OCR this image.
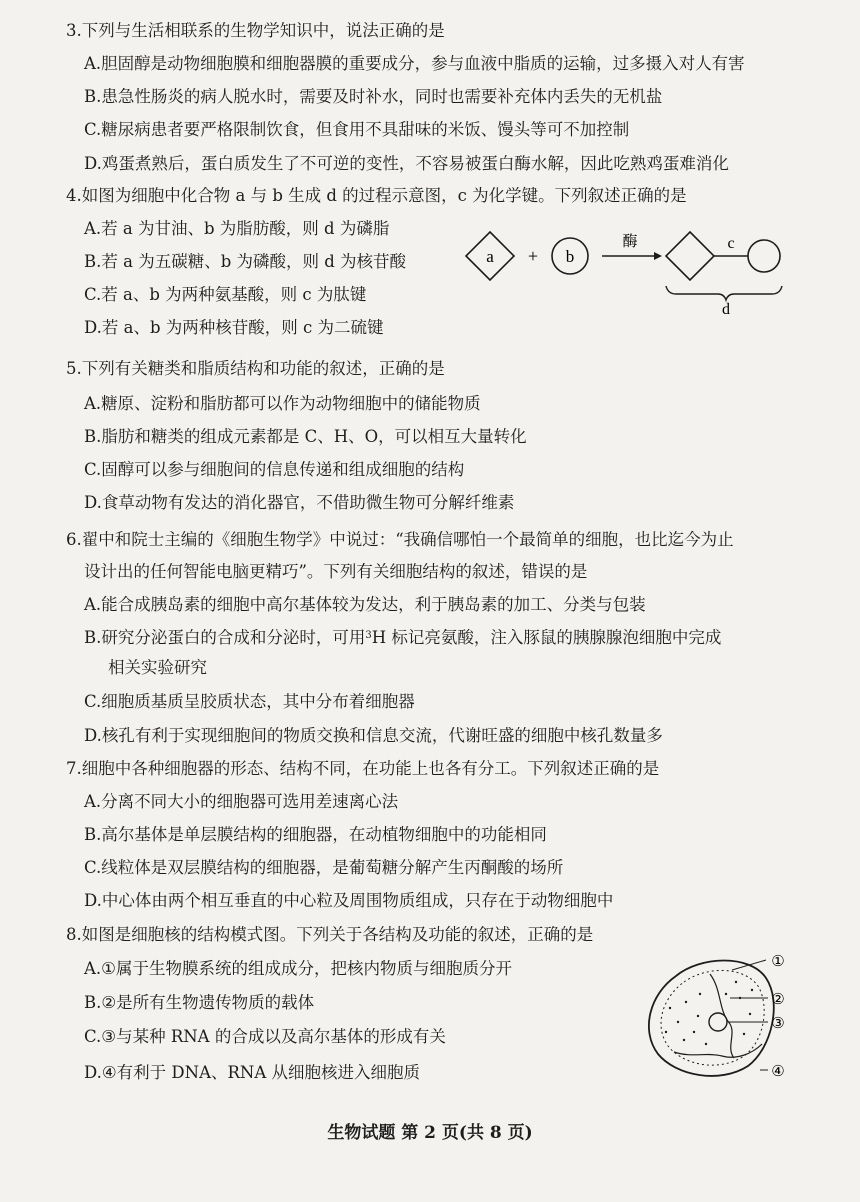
3.下列与生活相联系的生物学知识中，说法正确的是
A.胆固醇是动物细胞膜和细胞器膜的重要成分，参与血液中脂质的运输，过多摄入对人有害
B.患急性肠炎的病人脱水时，需要及时补水，同时也需要补充体内丢失的无机盐
C.糖尿病患者要严格限制饮食，但食用不具甜味的米饭、馒头等可不加控制
D.鸡蛋煮熟后，蛋白质发生了不可逆的变性，不容易被蛋白酶水解，因此吃熟鸡蛋难消化
4.如图为细胞中化合物 a 与 b 生成 d 的过程示意图，c 为化学键。下列叙述正确的是
A.若 a 为甘油、b 为脂肪酸，则 d 为磷脂
B.若 a 为五碳糖、b 为磷酸，则 d 为核苷酸
C.若 a、b 为两种氨基酸，则 c 为肽键
D.若 a、b 为两种核苷酸，则 c 为二硫键
a + b
酶	c
d
5.下列有关糖类和脂质结构和功能的叙述，正确的是
A.糖原、淀粉和脂肪都可以作为动物细胞中的储能物质
B.脂肪和糖类的组成元素都是 C、H、O，可以相互大量转化
C.固醇可以参与细胞间的信息传递和组成细胞的结构
D.食草动物有发达的消化器官，不借助微生物可分解纤维素
6.翟中和院士主编的《细胞生物学》中说过：“我确信哪怕一个最简单的细胞，也比迄今为止
设计出的任何智能电脑更精巧”。下列有关细胞结构的叙述，错误的是
A.能合成胰岛素的细胞中高尔基体较为发达，利于胰岛素的加工、分类与包装
B.研究分泌蛋白的合成和分泌时，可用$^3$H 标记亮氨酸，注入豚鼠的胰腺腺泡细胞中完成
相关实验研究
C.细胞质基质呈胶质状态，其中分布着细胞器
D.核孔有利于实现细胞间的物质交换和信息交流，代谢旺盛的细胞中核孔数量多
7.细胞中各种细胞器的形态、结构不同，在功能上也各有分工。下列叙述正确的是
A.分离不同大小的细胞器可选用差速离心法
B.高尔基体是单层膜结构的细胞器，在动植物细胞中的功能相同
C.线粒体是双层膜结构的细胞器，是葡萄糖分解产生丙酮酸的场所
D.中心体由两个相互垂直的中心粒及周围物质组成，只存在于动物细胞中
8.如图是细胞核的结构模式图。下列关于各结构及功能的叙述，正确的是
A.①属于生物膜系统的组成成分，把核内物质与细胞质分开
B.②是所有生物遗传物质的载体
C.③与某种 RNA 的合成以及高尔基体的形成有关
D.④有利于 DNA、RNA 从细胞核进入细胞质
①
②
③
④
生物试题 第 2 页(共 8 页)
